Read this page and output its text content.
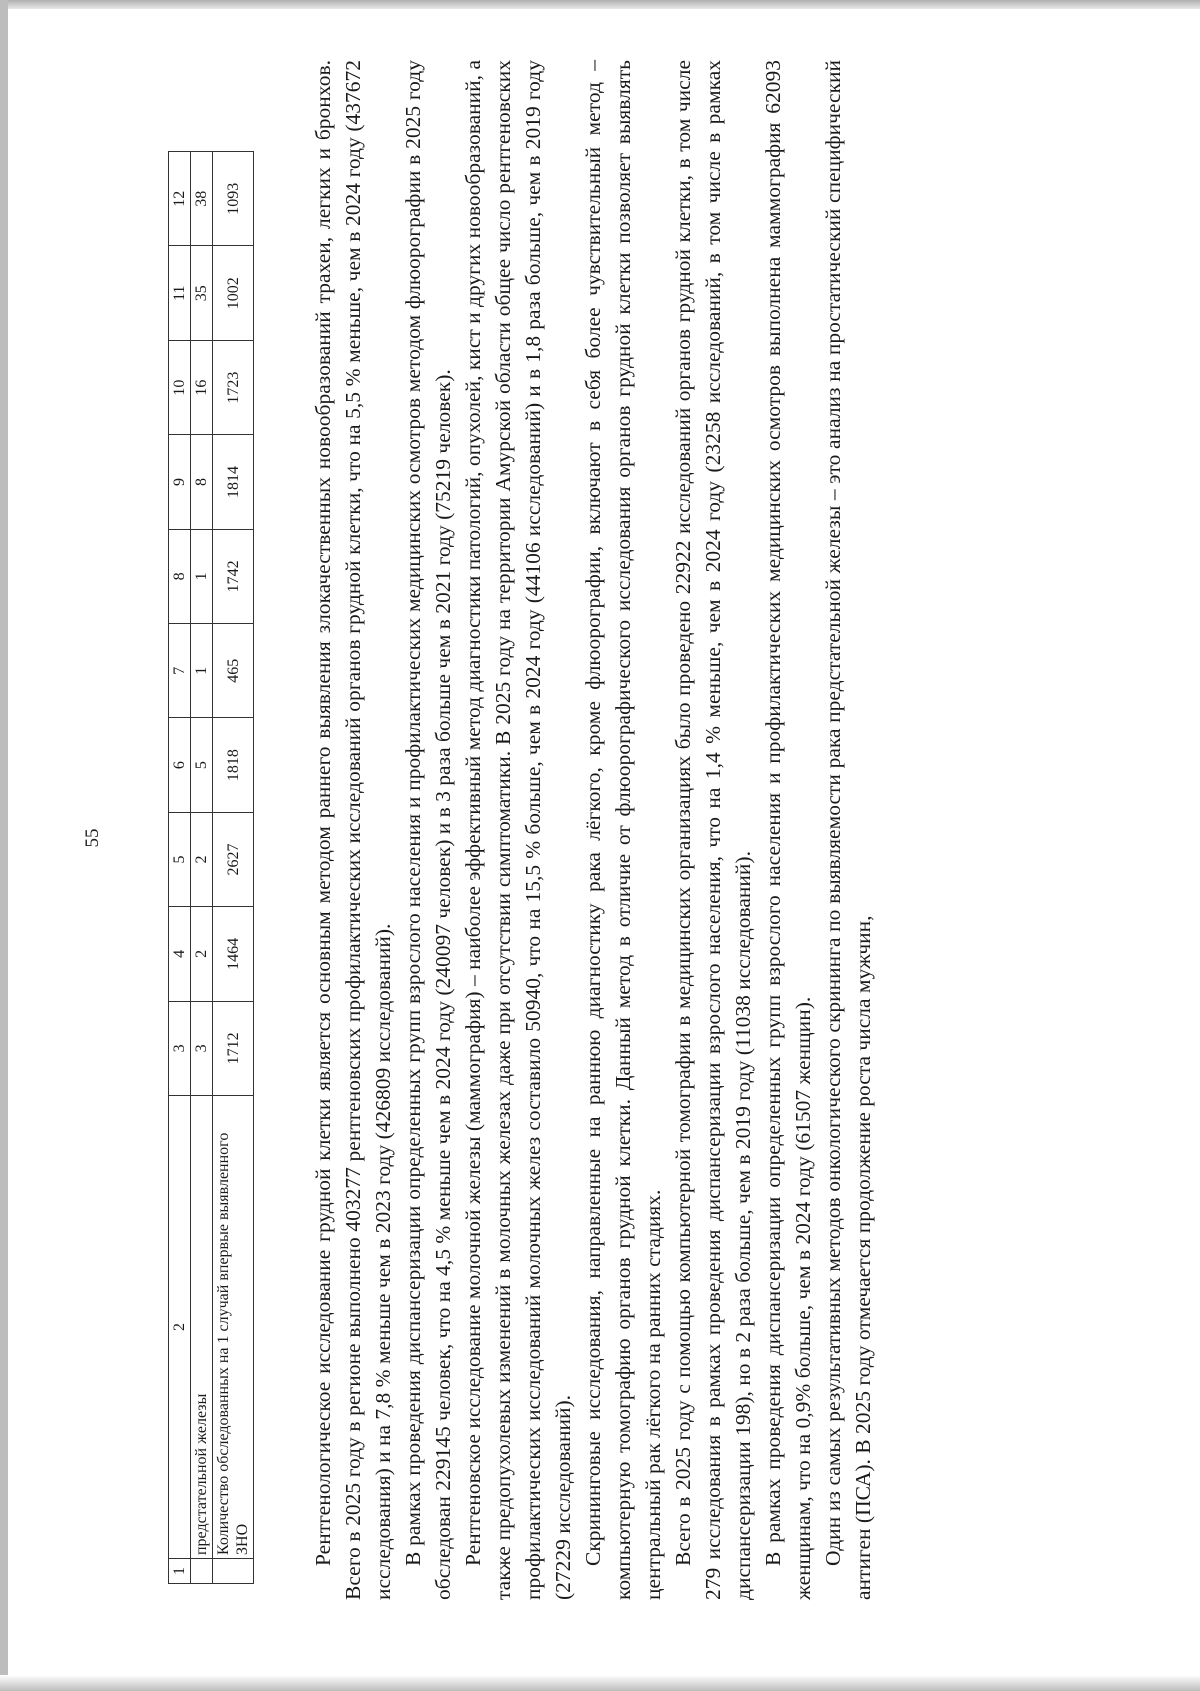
55
1	2	3	4	5	6	7	8	9	10	11	12
	предстательной железы	3	2	2	5	1	1	8	16	35	38
	Количество обследованных на 1 случай впервые выявленного ЗНО	1712	1464	2627	1818	465	1742	1814	1723	1002	1093	Рентгенологическое исследование грудной клетки является основным методом раннего выявления злокачественных новообразований трахеи, легких и бронхов. Всего в 2025 году в регионе выполнено 403277 рентгеновских профилактических исследований органов грудной клетки, что на 5,5 % меньше, чем в 2024 году (437672 исследования) и на 7,8 % меньше чем в 2023 году (426809 исследований). В рамках проведения диспансеризации определенных групп взрослого населения и профилактических медицинских осмотров методом флюорографии в 2025 году обследован 229145 человек, что на 4,5 % меньше чем в 2024 году (240097 человек) и в 3 раза больше чем в 2021 году (75219 человек). Рентгеновское исследование молочной железы (маммография) – наиболее эффективный метод диагностики патологий, опухолей, кист и других новообразований, а также предопухолевых изменений в молочных железах даже при отсутствии симптоматики. В 2025 году на территории Амурской области общее число рентгеновских профилактических исследований молочных желез составило 50940, что на 15,5 % больше, чем в 2024 году (44106 исследований) и в 1,8 раза больше, чем в 2019 году (27229 исследований). Скрининговые исследования, направленные на раннюю диагностику рака лёгкого, кроме флюорографии, включают в себя более чувствительный метод – компьютерную томографию органов грудной клетки. Данный метод в отличие от флюорографического исследования органов грудной клетки позволяет выявлять центральный рак лёгкого на ранних стадиях. Всего в 2025 году с помощью компьютерной томографии в медицинских организациях было проведено 22922 исследований органов грудной клетки, в том числе 279 исследования в рамках проведения диспансеризации взрослого населения, что на 1,4 % меньше, чем в 2024 году (23258 исследований, в том числе в рамках диспансеризации 198), но в 2 раза больше, чем в 2019 году (11038 исследований). В рамках проведения диспансеризации определенных групп взрослого населения и профилактических медицинских осмотров выполнена маммография 62093 женщинам, что на 0,9% больше, чем в 2024 году (61507 женщин). Один из самых результативных методов онкологического скрининга по выявляемости рака предстательной железы – это анализ на простатический специфический антиген (ПСА). В 2025 году отмечается продолжение роста числа мужчин,
